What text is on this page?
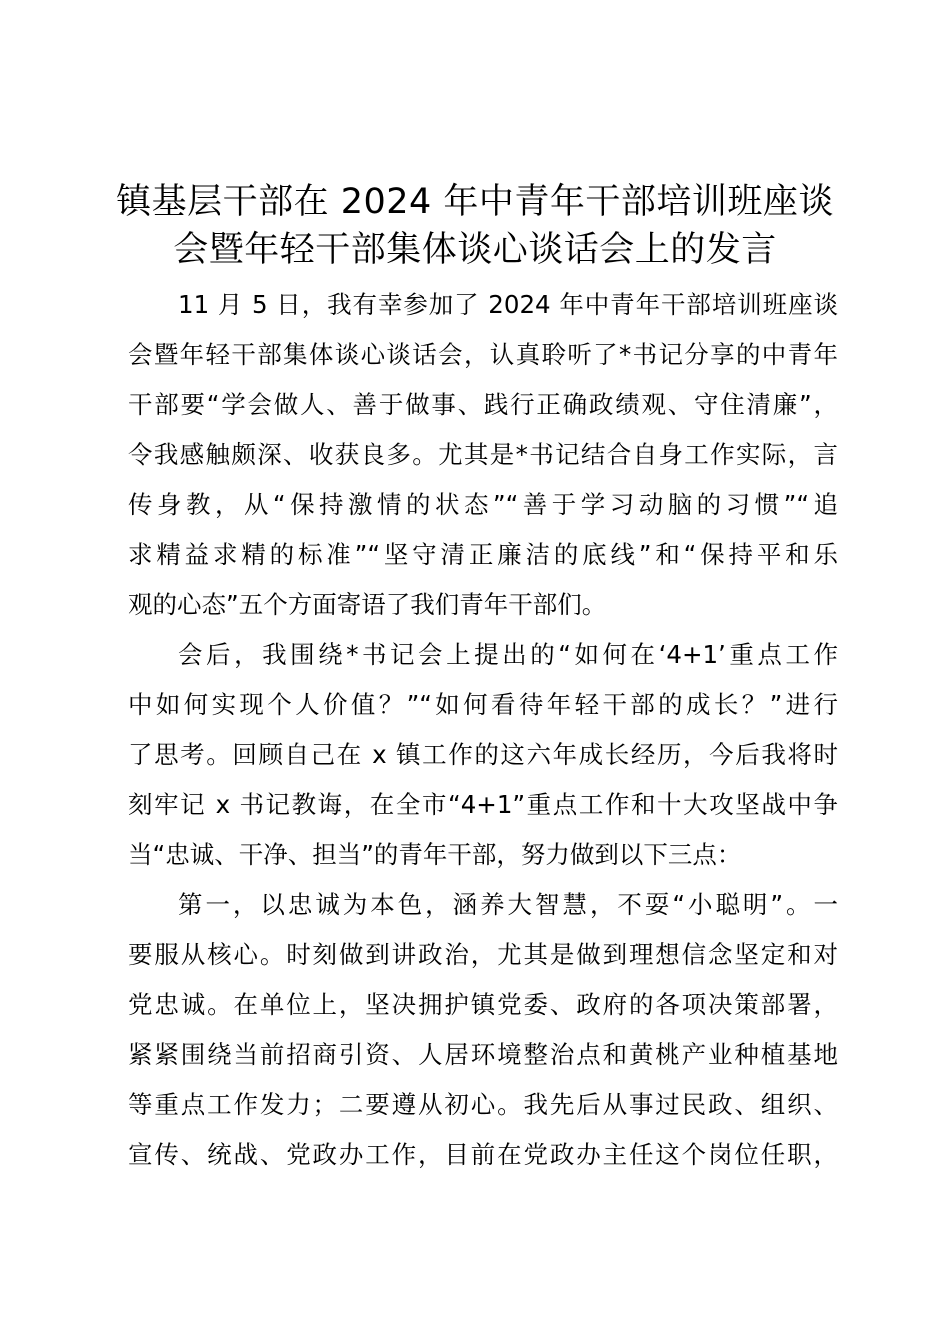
镇基层干部在 2024 年中青年干部培训班座谈
会暨年轻干部集体谈心谈话会上的发言
11 月 5 日，我有幸参加了 2024 年中青年干部培训班座谈
会暨年轻干部集体谈心谈话会，认真聆听了*书记分享的中青年
干部要“学会做人、善于做事、践行正确政绩观、守住清廉”，
令我感触颇深、收获良多。尤其是*书记结合自身工作实际，言
传身教，从“保持激情的状态”“善于学习动脑的习惯”“追
求精益求精的标准”“坚守清正廉洁的底线”和“保持平和乐
观的心态”五个方面寄语了我们青年干部们。
会后，我围绕*书记会上提出的“如何在‘4+1’重点工作
中如何实现个人价值？”“如何看待年轻干部的成长？”进行
了思考。回顾自己在 x 镇工作的这六年成长经历，今后我将时
刻牢记 x 书记教诲，在全市“4+1”重点工作和十大攻坚战中争
当“忠诚、干净、担当”的青年干部，努力做到以下三点：
第一，以忠诚为本色，涵养大智慧，不耍“小聪明”。一
要服从核心。时刻做到讲政治，尤其是做到理想信念坚定和对
党忠诚。在单位上，坚决拥护镇党委、政府的各项决策部署，
紧紧围绕当前招商引资、人居环境整治点和黄桃产业种植基地
等重点工作发力；二要遵从初心。我先后从事过民政、组织、
宣传、统战、党政办工作，目前在党政办主任这个岗位任职，
